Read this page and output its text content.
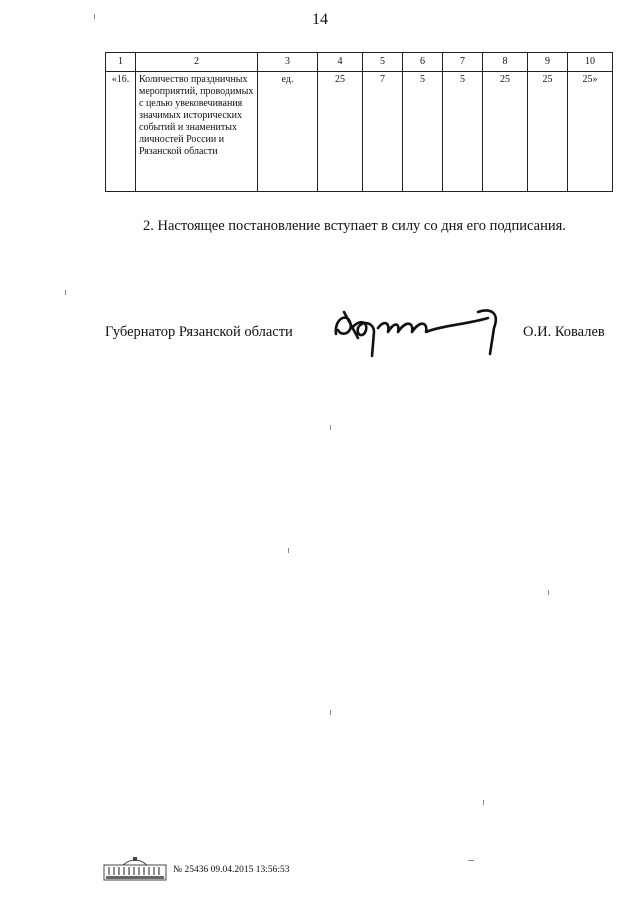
14
1	2	3	4	5	6	7	8	9	10
«16.	Количество праздничных мероприятий, проводимых с целью увековечивания значимых исторических событий и знаменитых личностей России и Рязанской области	ед.	25	7	5	5	25	25	25»
2. Настоящее постановление вступает в силу со дня его подписания.
Губернатор Рязанской области	О.И. Ковалев
№ 25436 09.04.2015 13:56:53
